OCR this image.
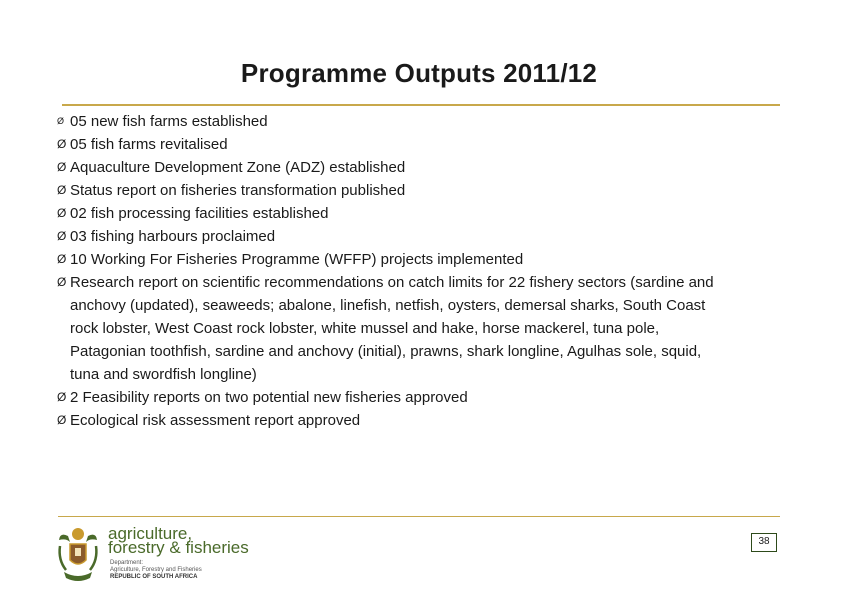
Programme Outputs 2011/12
Ø 05 new fish farms established
Ø 05 fish farms revitalised
Ø Aquaculture Development Zone (ADZ) established
Ø Status report on fisheries transformation published
Ø 02 fish processing facilities established
Ø 03 fishing harbours proclaimed
Ø 10 Working For Fisheries Programme (WFFP) projects implemented
Ø Research report on scientific recommendations on catch limits for 22 fishery sectors (sardine and
anchovy (updated), seaweeds; abalone, linefish, netfish, oysters, demersal sharks, South Coast
rock lobster, West Coast rock lobster, white mussel and hake, horse mackerel, tuna pole,
Patagonian toothfish, sardine and anchovy (initial), prawns, shark longline, Agulhas sole, squid,
tuna and swordfish longline)
Ø 2 Feasibility reports on two potential new fisheries approved
Ø Ecological risk assessment report approved
agriculture,
forestry & fisheries
Department:
Agriculture, Forestry and Fisheries
REPUBLIC OF SOUTH AFRICA
38
